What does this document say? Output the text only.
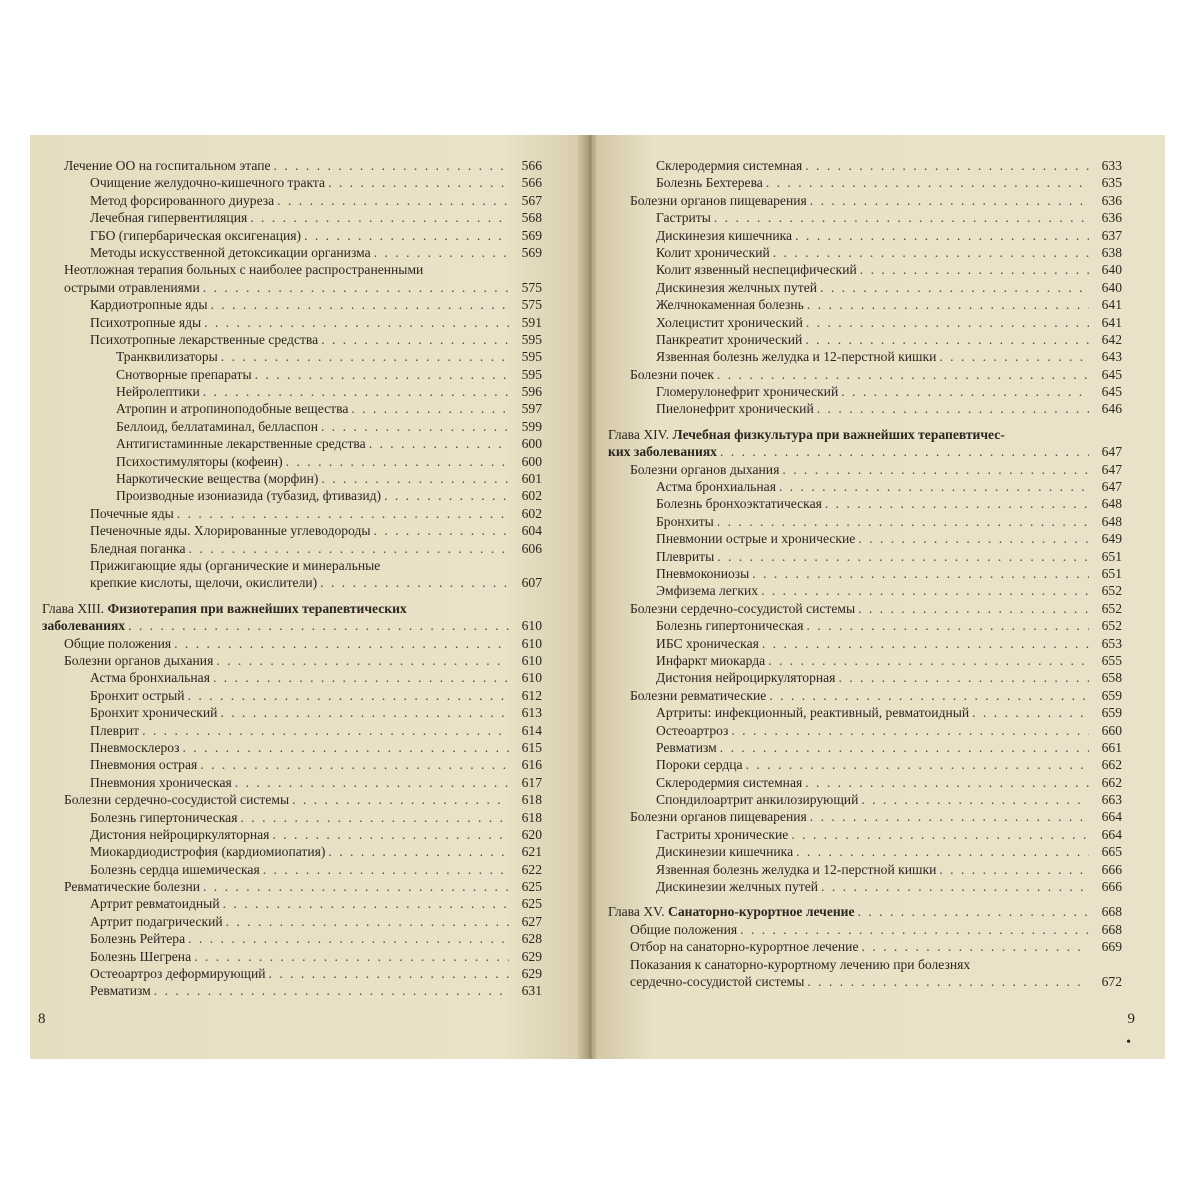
Лечение ОО на госпитальном этапе . . .	566
Очищение желудочно-кишечного тракта . . .	566
Метод форсированного диуреза . . .	567
Лечебная гипервентиляция . . .	568
ГБО (гипербарическая оксигенация) . . .	569
Методы искусственной детоксикации организма . . .	569
Неотложная терапия больных с наиболее распространенными
острыми отравлениями . . .	575
Кардиотропные яды . . .	575
Психотропные яды . . .	591
Психотропные лекарственные средства . . .	595
Транквилизаторы . . .	595
Снотворные препараты . . .	595
Нейролептики . . .	596
Атропин и атропиноподобные вещества . . .	597
Беллоид, беллатаминал, белласпон . . .	599
Антигистаминные лекарственные средства . . .	600
Психостимуляторы (кофеин) . . .	600
Наркотические вещества (морфин) . . .	601
Производные изониазида (тубазид, фтивазид) . . .	602
Почечные яды . . .	602
Печеночные яды. Хлорированные углеводороды . . .	604
Бледная поганка . . .	606
Прижигающие яды (органические и минеральные
крепкие кислоты, щелочи, окислители) . . .	607
Глава XIII. Физиотерапия при важнейших терапевтических
заболеваниях . . .	610
Общие положения . . .	610
Болезни органов дыхания . . .	610
Астма бронхиальная . . .	610
Бронхит острый . . .	612
Бронхит хронический . . .	613
Плеврит . . .	614
Пневмосклероз . . .	615
Пневмония острая . . .	616
Пневмония хроническая . . .	617
Болезни сердечно-сосудистой системы . . .	618
Болезнь гипертоническая . . .	618
Дистония нейроциркуляторная . . .	620
Миокардиодистрофия (кардиомиопатия) . . .	621
Болезнь сердца ишемическая . . .	622
Ревматические болезни . . .	625
Артрит ревматоидный . . .	625
Артрит подагрический . . .	627
Болезнь Рейтера . . .	628
Болезнь Шегрена . . .	629
Остеоартроз деформирующий . . .	629
Ревматизм . . .	631
8
Склеродермия системная . . .	633
Болезнь Бехтерева . . .	635
Болезни органов пищеварения . . .	636
Гастриты . . .	636
Дискинезия кишечника . . .	637
Колит хронический . . .	638
Колит язвенный неспецифический . . .	640
Дискинезия желчных путей . . .	640
Желчнокаменная болезнь . . .	641
Холецистит хронический . . .	641
Панкреатит хронический . . .	642
Язвенная болезнь желудка и 12-перстной кишки . . .	643
Болезни почек . . .	645
Гломерулонефрит хронический . . .	645
Пиелонефрит хронический . . .	646
Глава XIV. Лечебная физкультура при важнейших терапевтичес-
ких заболеваниях . . .	647
Болезни органов дыхания . . .	647
Астма бронхиальная . . .	647
Болезнь бронхоэктатическая . . .	648
Бронхиты . . .	648
Пневмонии острые и хронические . . .	649
Плевриты . . .	651
Пневмокониозы . . .	651
Эмфизема легких . . .	652
Болезни сердечно-сосудистой системы . . .	652
Болезнь гипертоническая . . .	652
ИБС хроническая . . .	653
Инфаркт миокарда . . .	655
Дистония нейроциркуляторная . . .	658
Болезни ревматические . . .	659
Артриты: инфекционный, реактивный, ревматоидный . . .	659
Остеоартроз . . .	660
Ревматизм . . .	661
Пороки сердца . . .	662
Склеродермия системная . . .	662
Спондилоартрит анкилозирующий . . .	663
Болезни органов пищеварения . . .	664
Гастриты хронические . . .	664
Дискинезии кишечника . . .	665
Язвенная болезнь желудка и 12-перстной кишки . . .	666
Дискинезии желчных путей . . .	666
Глава XV. Санаторно-курортное лечение . . .	668
Общие положения . . .	668
Отбор на санаторно-курортное лечение . . .	669
Показания к санаторно-курортному лечению при болезнях
сердечно-сосудистой системы . . .	672
9
•
